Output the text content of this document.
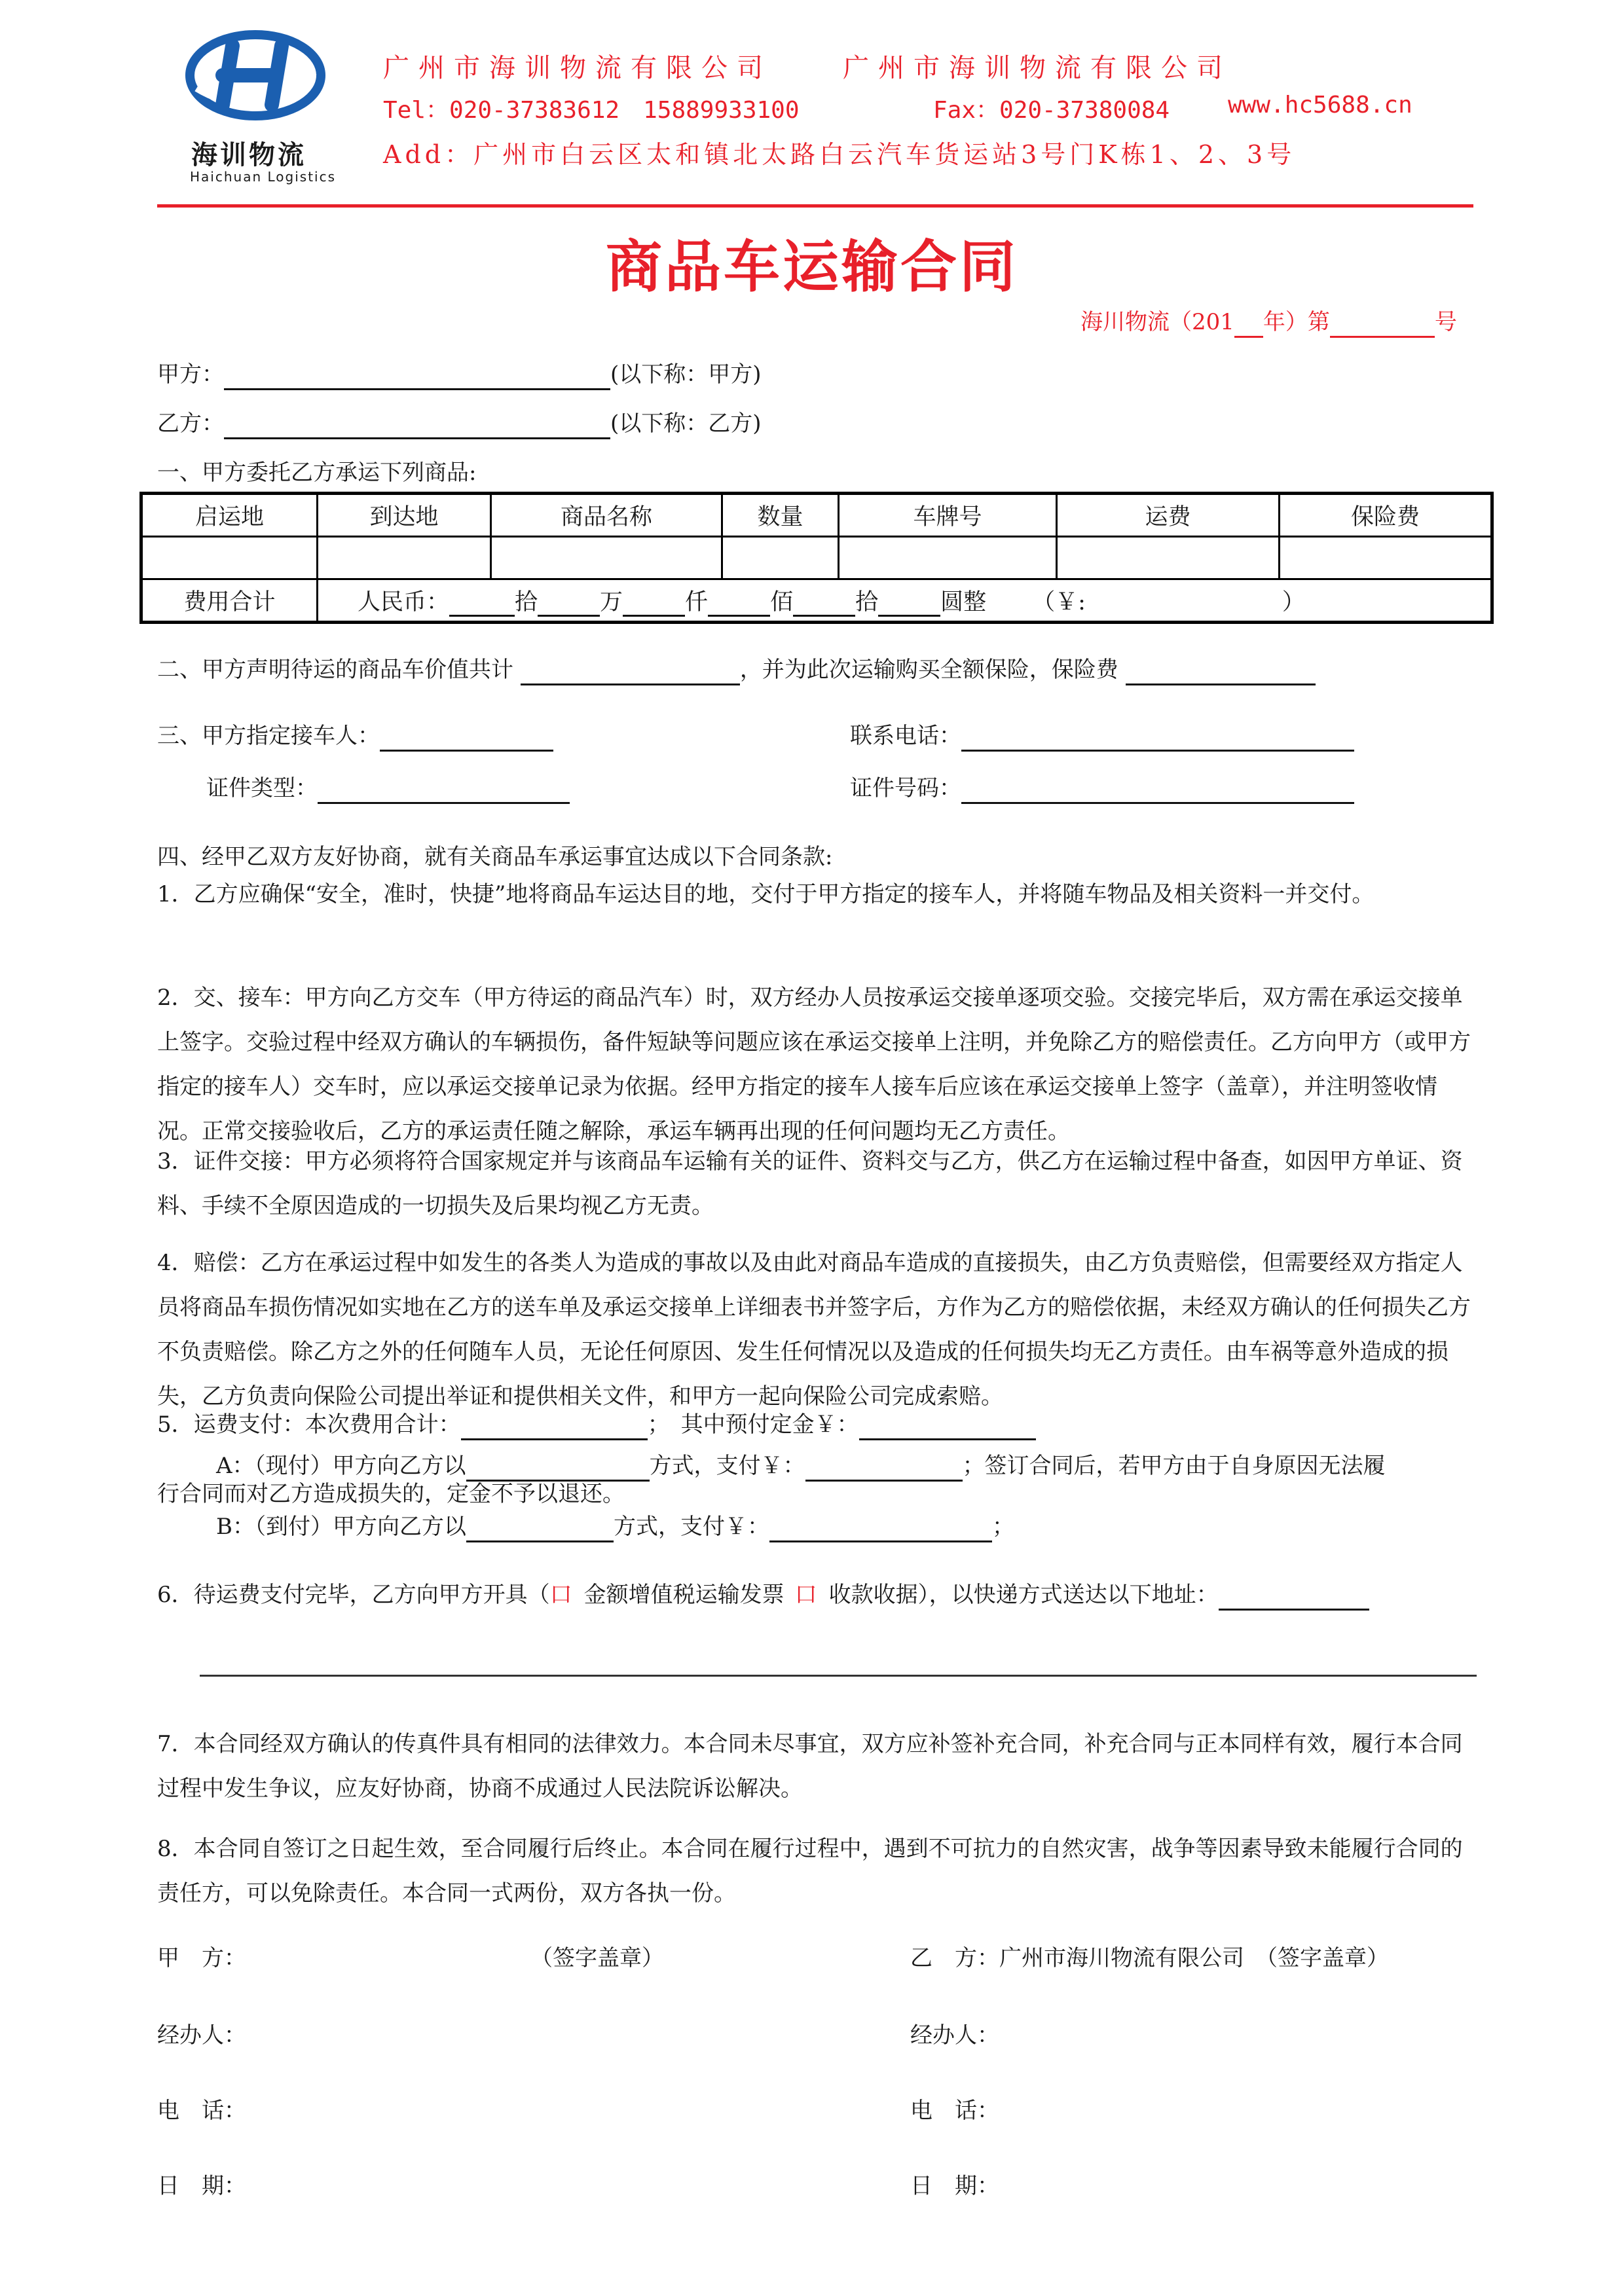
海训物流
Haichuan Logistics
广州市海训物流有限公司　　广州市海训物流有限公司
Tel：020-37383612　15889933100	Fax：020-37380084 www.hc5688.cn
Add：广州市白云区太和镇北太路白云汽车货运站3号门K栋1、2、3号
商品车运输合同
海川物流（201 年）第	号
甲方：	(以下称：甲方)
乙方：	(以下称：乙方)
一、甲方委托乙方承运下列商品:
启运地	到达地	商品名称	数量	车牌号	运费	保险费

费用合计	人民币： 拾 万 仟 佰 拾 圆整 （￥: ）					
二、甲方声明待运的商品车价值共计	，并为此次运输购买全额保险，保险费
三、甲方指定接车人：	联系电话：
证件类型：	证件号码：
四、经甲乙双方友好协商，就有关商品车承运事宜达成以下合同条款:
1．乙方应确保“安全，准时，快捷”地将商品车运达目的地，交付于甲方指定的接车人，并将随车物品及相关资料一并交付。
2．交、接车：甲方向乙方交车（甲方待运的商品汽车）时，双方经办人员按承运交接单逐项交验。交接完毕后，双方需在承运交接单上签字。交验过程中经双方确认的车辆损伤，备件短缺等问题应该在承运交接单上注明，并免除乙方的赔偿责任。乙方向甲方（或甲方指定的接车人）交车时，应以承运交接单记录为依据。经甲方指定的接车人接车后应该在承运交接单上签字（盖章），并注明签收情况。正常交接验收后，乙方的承运责任随之解除，承运车辆再出现的任何问题均无乙方责任。
3．证件交接：甲方必须将符合国家规定并与该商品车运输有关的证件、资料交与乙方，供乙方在运输过程中备查，如因甲方单证、资料、手续不全原因造成的一切损失及后果均视乙方无责。
4．赔偿：乙方在承运过程中如发生的各类人为造成的事故以及由此对商品车造成的直接损失，由乙方负责赔偿，但需要经双方指定人员将商品车损伤情况如实地在乙方的送车单及承运交接单上详细表书并签字后，方作为乙方的赔偿依据，未经双方确认的任何损失乙方不负责赔偿。除乙方之外的任何随车人员，无论任何原因、发生任何情况以及造成的任何损失均无乙方责任。由车祸等意外造成的损失，乙方负责向保险公司提出举证和提供相关文件，和甲方一起向保险公司完成索赔。
5．运费支付：本次费用合计：	；　其中预付定金￥：
A：（现付）甲方向乙方以	方式，支付￥：	；签订合同后，若甲方由于自身原因无法履
行合同而对乙方造成损失的，定金不予以退还。
B：（到付）甲方向乙方以	方式，支付￥：	；
6．待运费支付完毕，乙方向甲方开具（口 金额增值税运输发票 口 收款收据），以快递方式送达以下地址：
7．本合同经双方确认的传真件具有相同的法律效力。本合同未尽事宜，双方应补签补充合同，补充合同与正本同样有效，履行本合同过程中发生争议，应友好协商，协商不成通过人民法院诉讼解决。
8．本合同自签订之日起生效，至合同履行后终止。本合同在履行过程中，遇到不可抗力的自然灾害，战争等因素导致未能履行合同的责任方，可以免除责任。本合同一式两份，双方各执一份。
甲　方：	（签字盖章）	乙　方：广州市海川物流有限公司　（签字盖章）
经办人：	经办人：
电　话：	电　话：
日　期：	日　期：
